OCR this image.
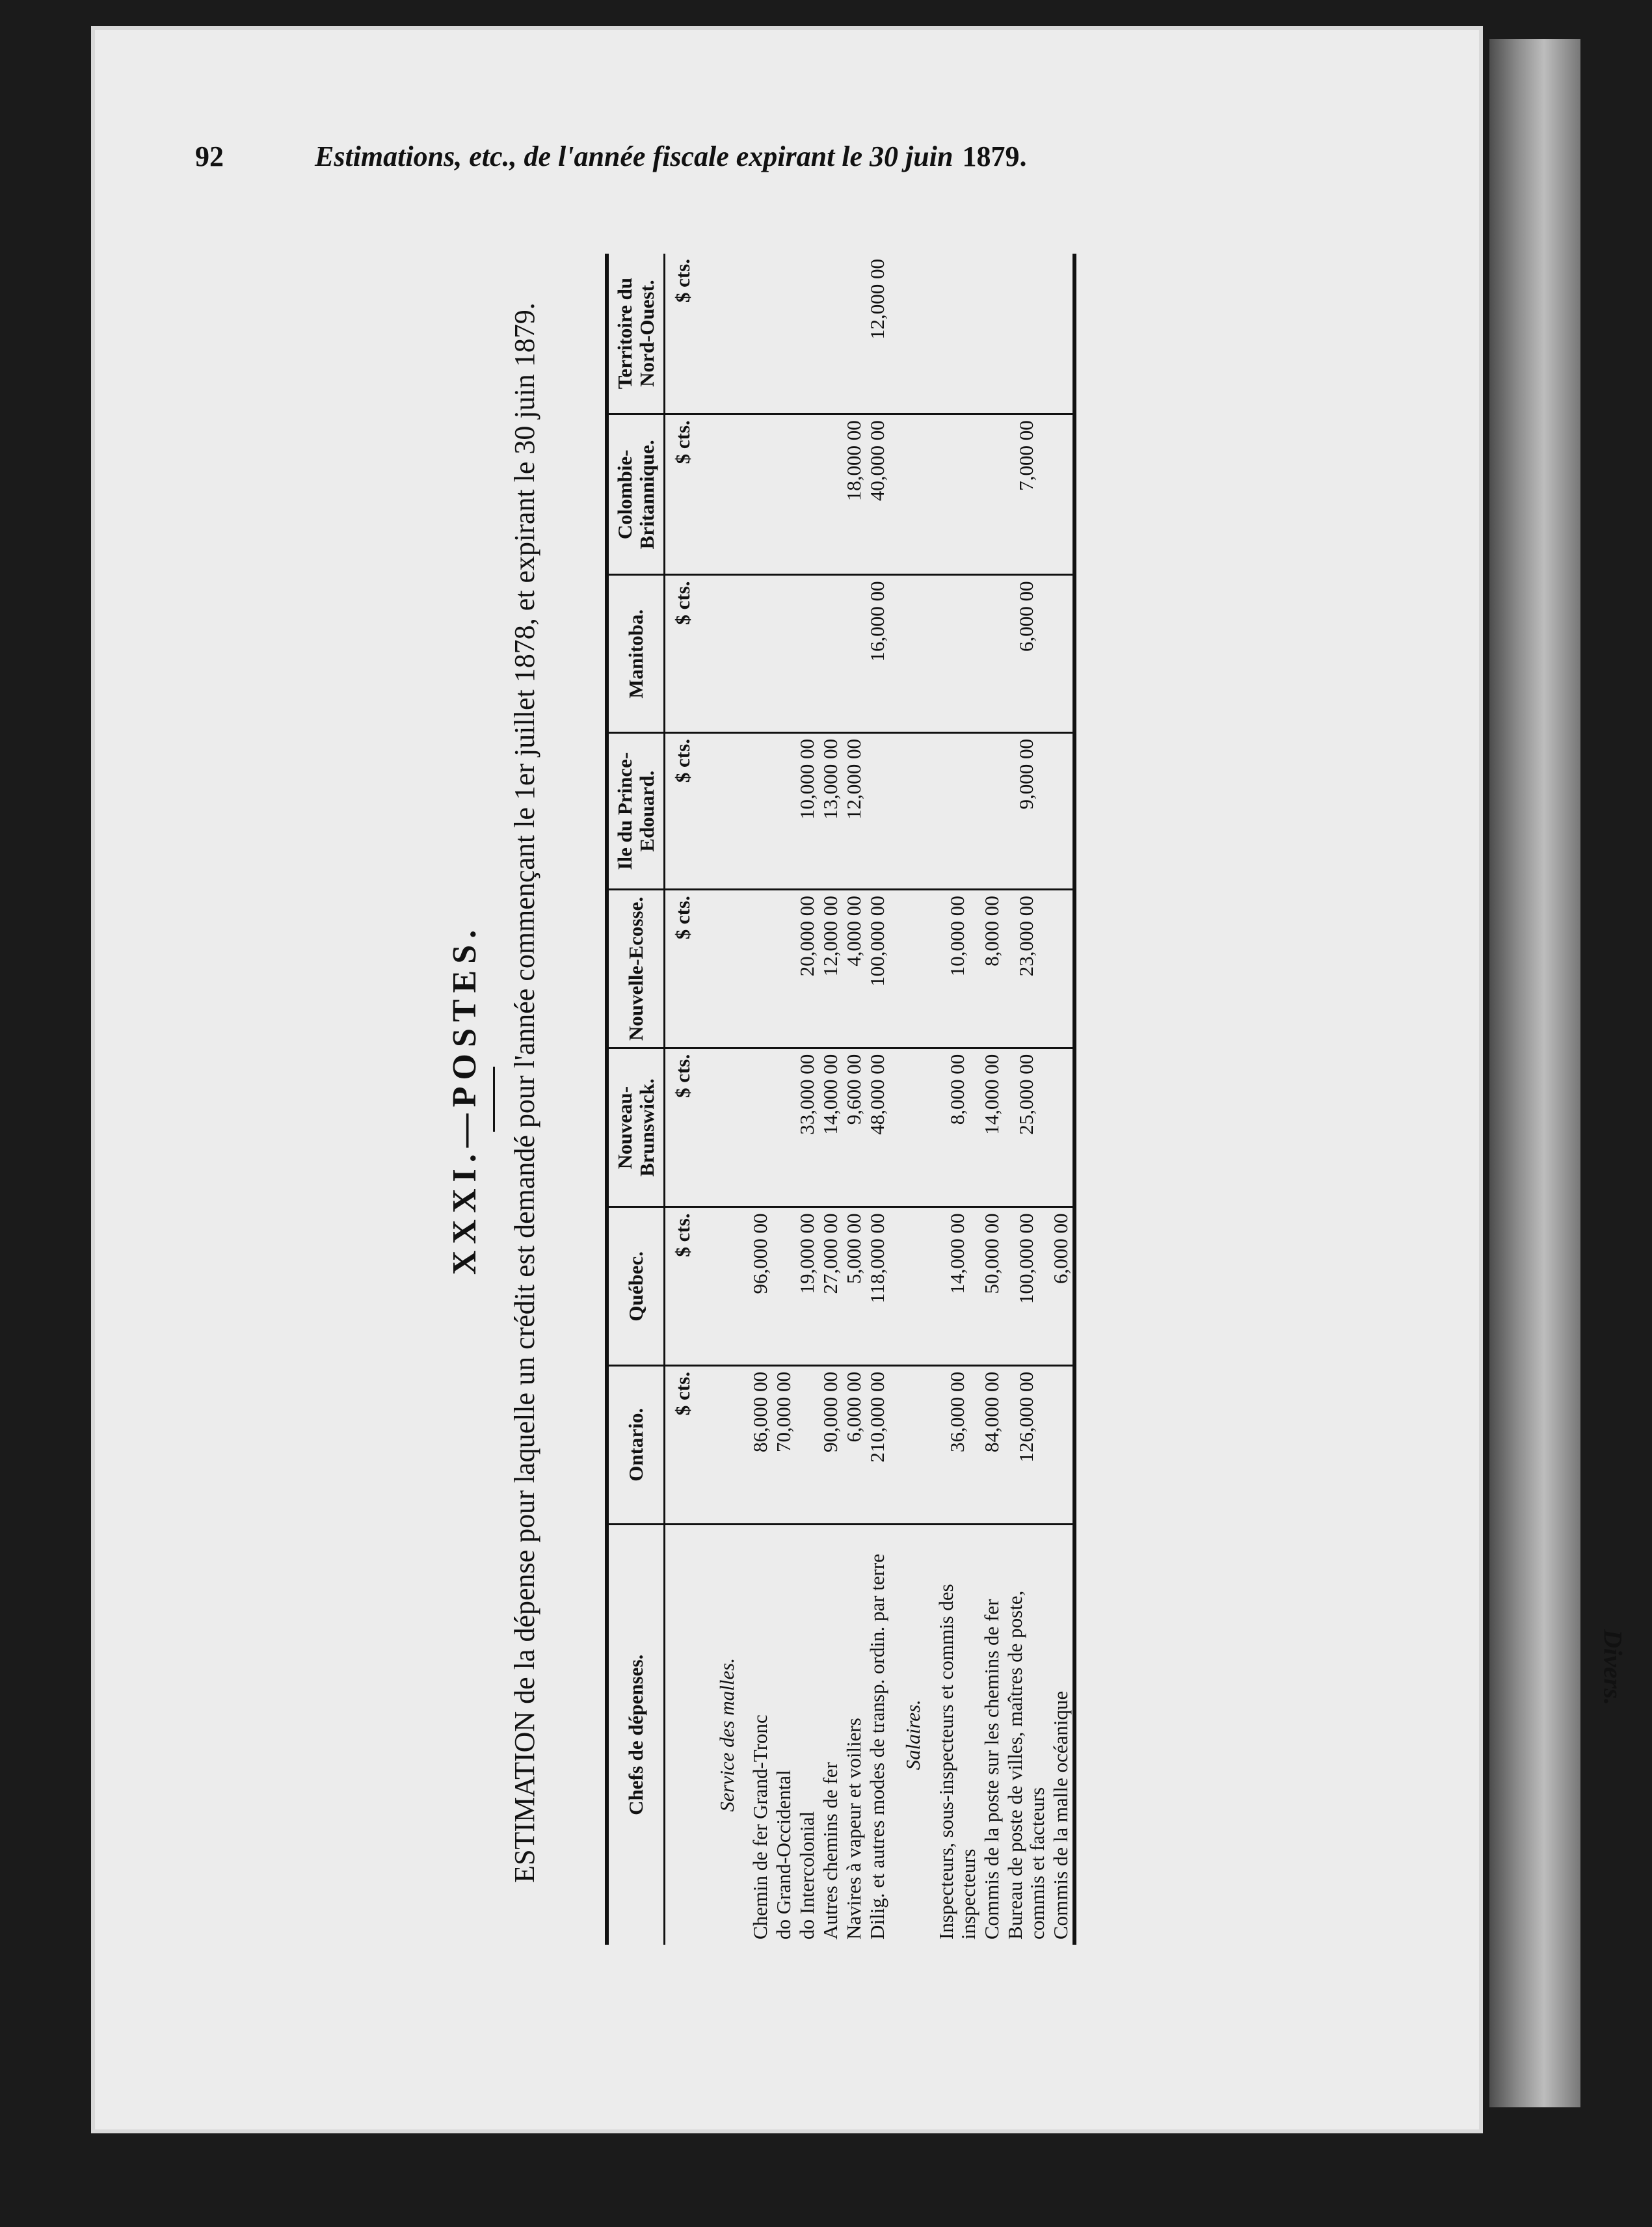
92	Estimations, etc., de l'année fiscale expirant le 30 juin 1879.
Divers.
XXXI.—POSTES. ESTIMATION de la dépense pour laquelle un crédit est demandé pour l'année commençant le 1er juillet 1878, et expirant le 30 juin 1879.	Chefs de dépenses.	Ontario.	Québec.	Nouveau-Brunswick.	Nouvelle-Ecosse.	Ile du Prince-Edouard.	Manitoba.	Colombie-Britannique.	Territoire du Nord-Ouest.
	$ cts.	$ cts.	$ cts.	$ cts.	$ cts.	$ cts.	$ cts.	$ cts.
Service des malles.								
Chemin de fer Grand-Tronc	86,000 00	96,000 00						
do Grand-Occidental	70,000 00							
do Intercolonial		19,000 00	33,000 00	20,000 00	10,000 00			
Autres chemins de fer	90,000 00	27,000 00	14,000 00	12,000 00	13,000 00			
Navires à vapeur et voiliers	6,000 00	5,000 00	9,600 00	4,000 00	12,000 00		18,000 00	
Dilig. et autres modes de transp. ordin. par terre	210,000 00	118,000 00	48,000 00	100,000 00		16,000 00	40,000 00	12,000 00
Salaires.								
Inspecteurs, sous-inspecteurs et commis des inspecteurs	36,000 00	14,000 00	8,000 00	10,000 00				
Commis de la poste sur les chemins de fer	84,000 00	50,000 00	14,000 00	8,000 00				
Bureau de poste de villes, maîtres de poste, commis et facteurs	126,000 00	100,000 00	25,000 00	23,000 00	9,000 00	6,000 00	7,000 00	
Commis de la malle océanique		6,000 00						
